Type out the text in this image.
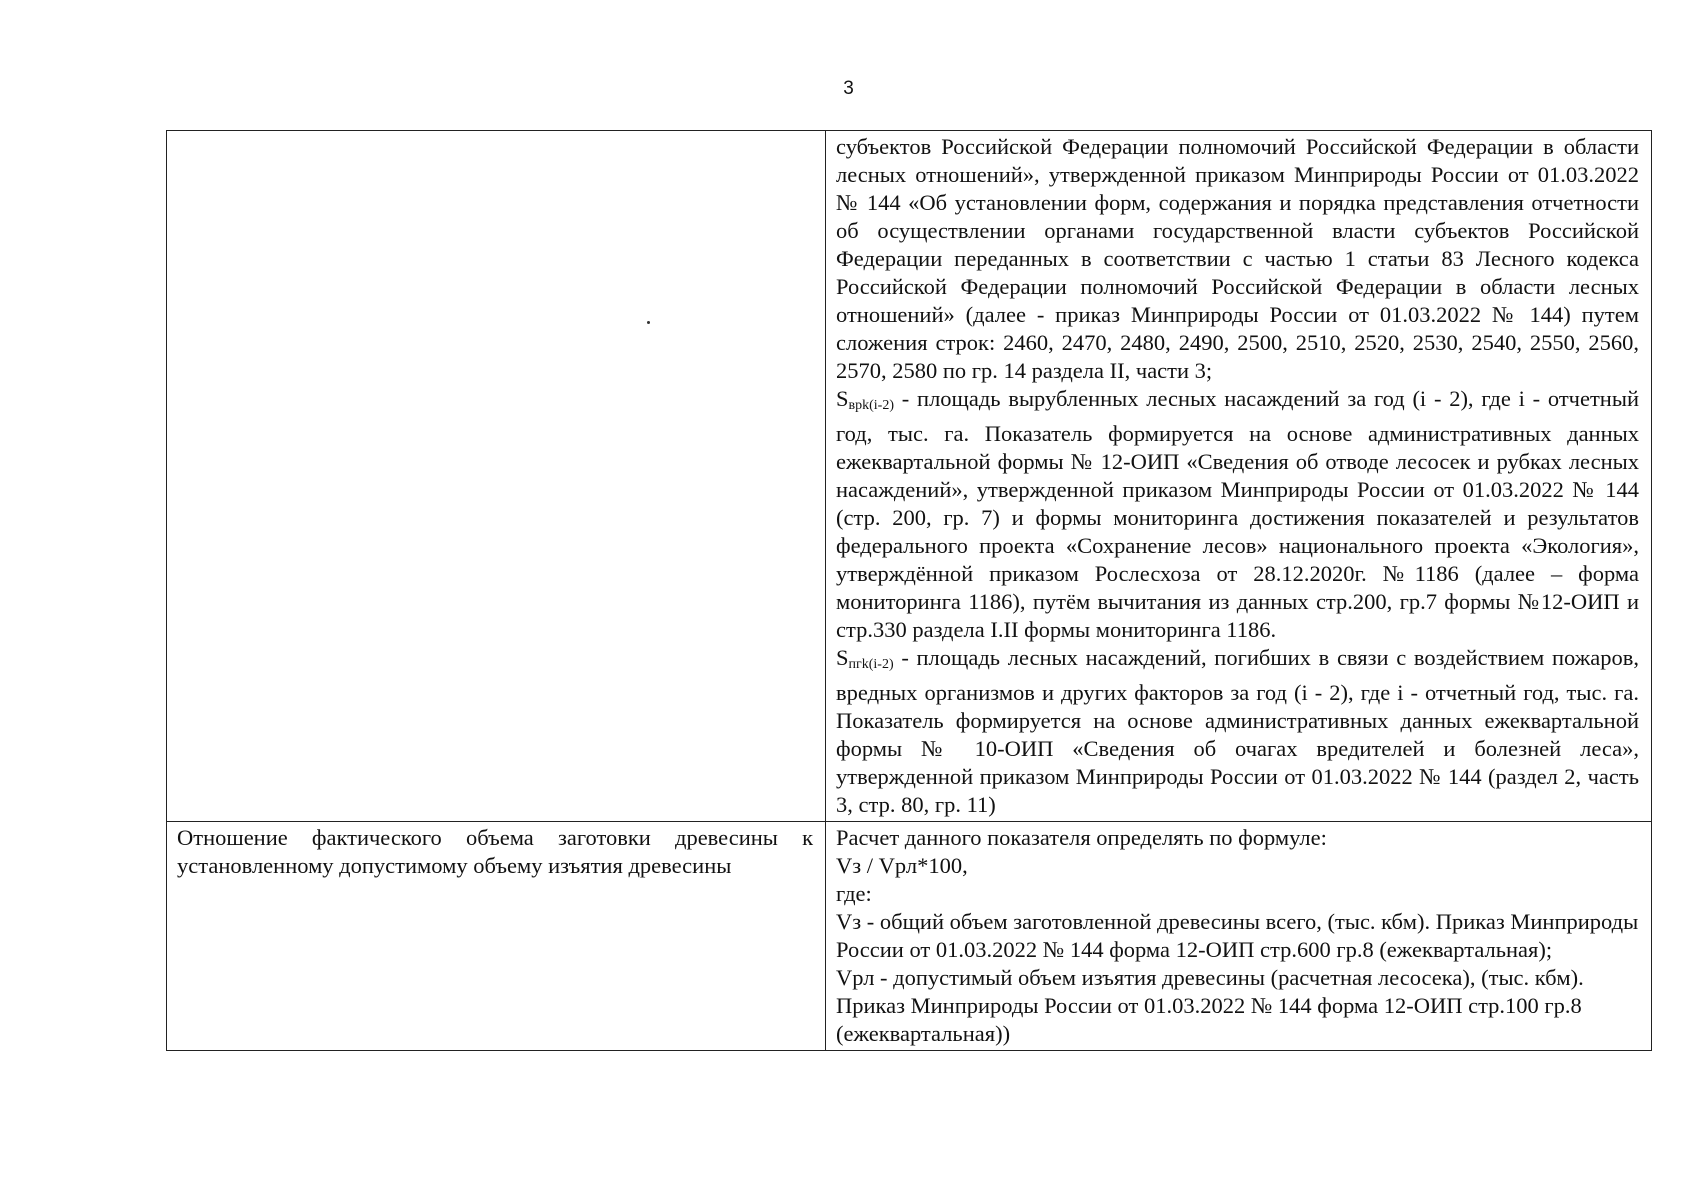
3

	субъектов Российской Федерации полномочий Российской Федерации в области лесных отношений», утвержденной приказом Минприроды России от 01.03.2022 № 144 «Об установлении форм, содержания и порядка представления отчетности об осуществлении органами государственной власти субъектов Российской Федерации переданных в соответствии с частью 1 статьи 83 Лесного кодекса Российской Федерации полномочий Российской Федерации в области лесных отношений» (далее - приказ Минприроды России от 01.03.2022 № 144) путем сложения строк: 2460, 2470, 2480, 2490, 2500, 2510, 2520, 2530, 2540, 2550, 2560, 2570, 2580 по гр. 14 раздела II, части 3;

$S_{врk(i-2)}$ - площадь вырубленных лесных насаждений за год (i - 2), где i - отчетный год, тыс. га. Показатель формируется на основе административных данных ежеквартальной формы № 12-ОИП «Сведения об отводе лесосек и рубках лесных насаждений», утвержденной приказом Минприроды России от 01.03.2022 № 144 (стр. 200, гр. 7) и формы мониторинга достижения показателей и результатов федерального проекта «Сохранение лесов» национального проекта «Экология», утверждённой приказом Рослесхоза от 28.12.2020г. №1186 (далее – форма мониторинга 1186), путём вычитания из данных стр.200, гр.7 формы №12-ОИП и стр.330 раздела I.II формы мониторинга 1186.

$S_{пгk(i-2)}$ - площадь лесных насаждений, погибших в связи с воздействием пожаров, вредных организмов и других факторов за год (i - 2), где i - отчетный год, тыс. га. Показатель формируется на основе административных данных ежеквартальной формы № 10-ОИП «Сведения об очагах вредителей и болезней леса», утвержденной приказом Минприроды России от 01.03.2022 № 144 (раздел 2, часть 3, стр. 80, гр. 11)

Отношение фактического объема заготовки древесины к установленному допустимому объему изъятия древесины	Расчет данного показателя определять по формуле:

Vз / Vрл*100,

где:

Vз - общий объем заготовленной древесины всего, (тыс. кбм). Приказ Минприроды России от 01.03.2022 № 144 форма 12-ОИП стр.600 гр.8 (ежеквартальная);

Vрл - допустимый объем изъятия древесины (расчетная лесосека), (тыс. кбм). Приказ Минприроды России от 01.03.2022 № 144 форма 12-ОИП стр.100 гр.8 (ежеквартальная))
